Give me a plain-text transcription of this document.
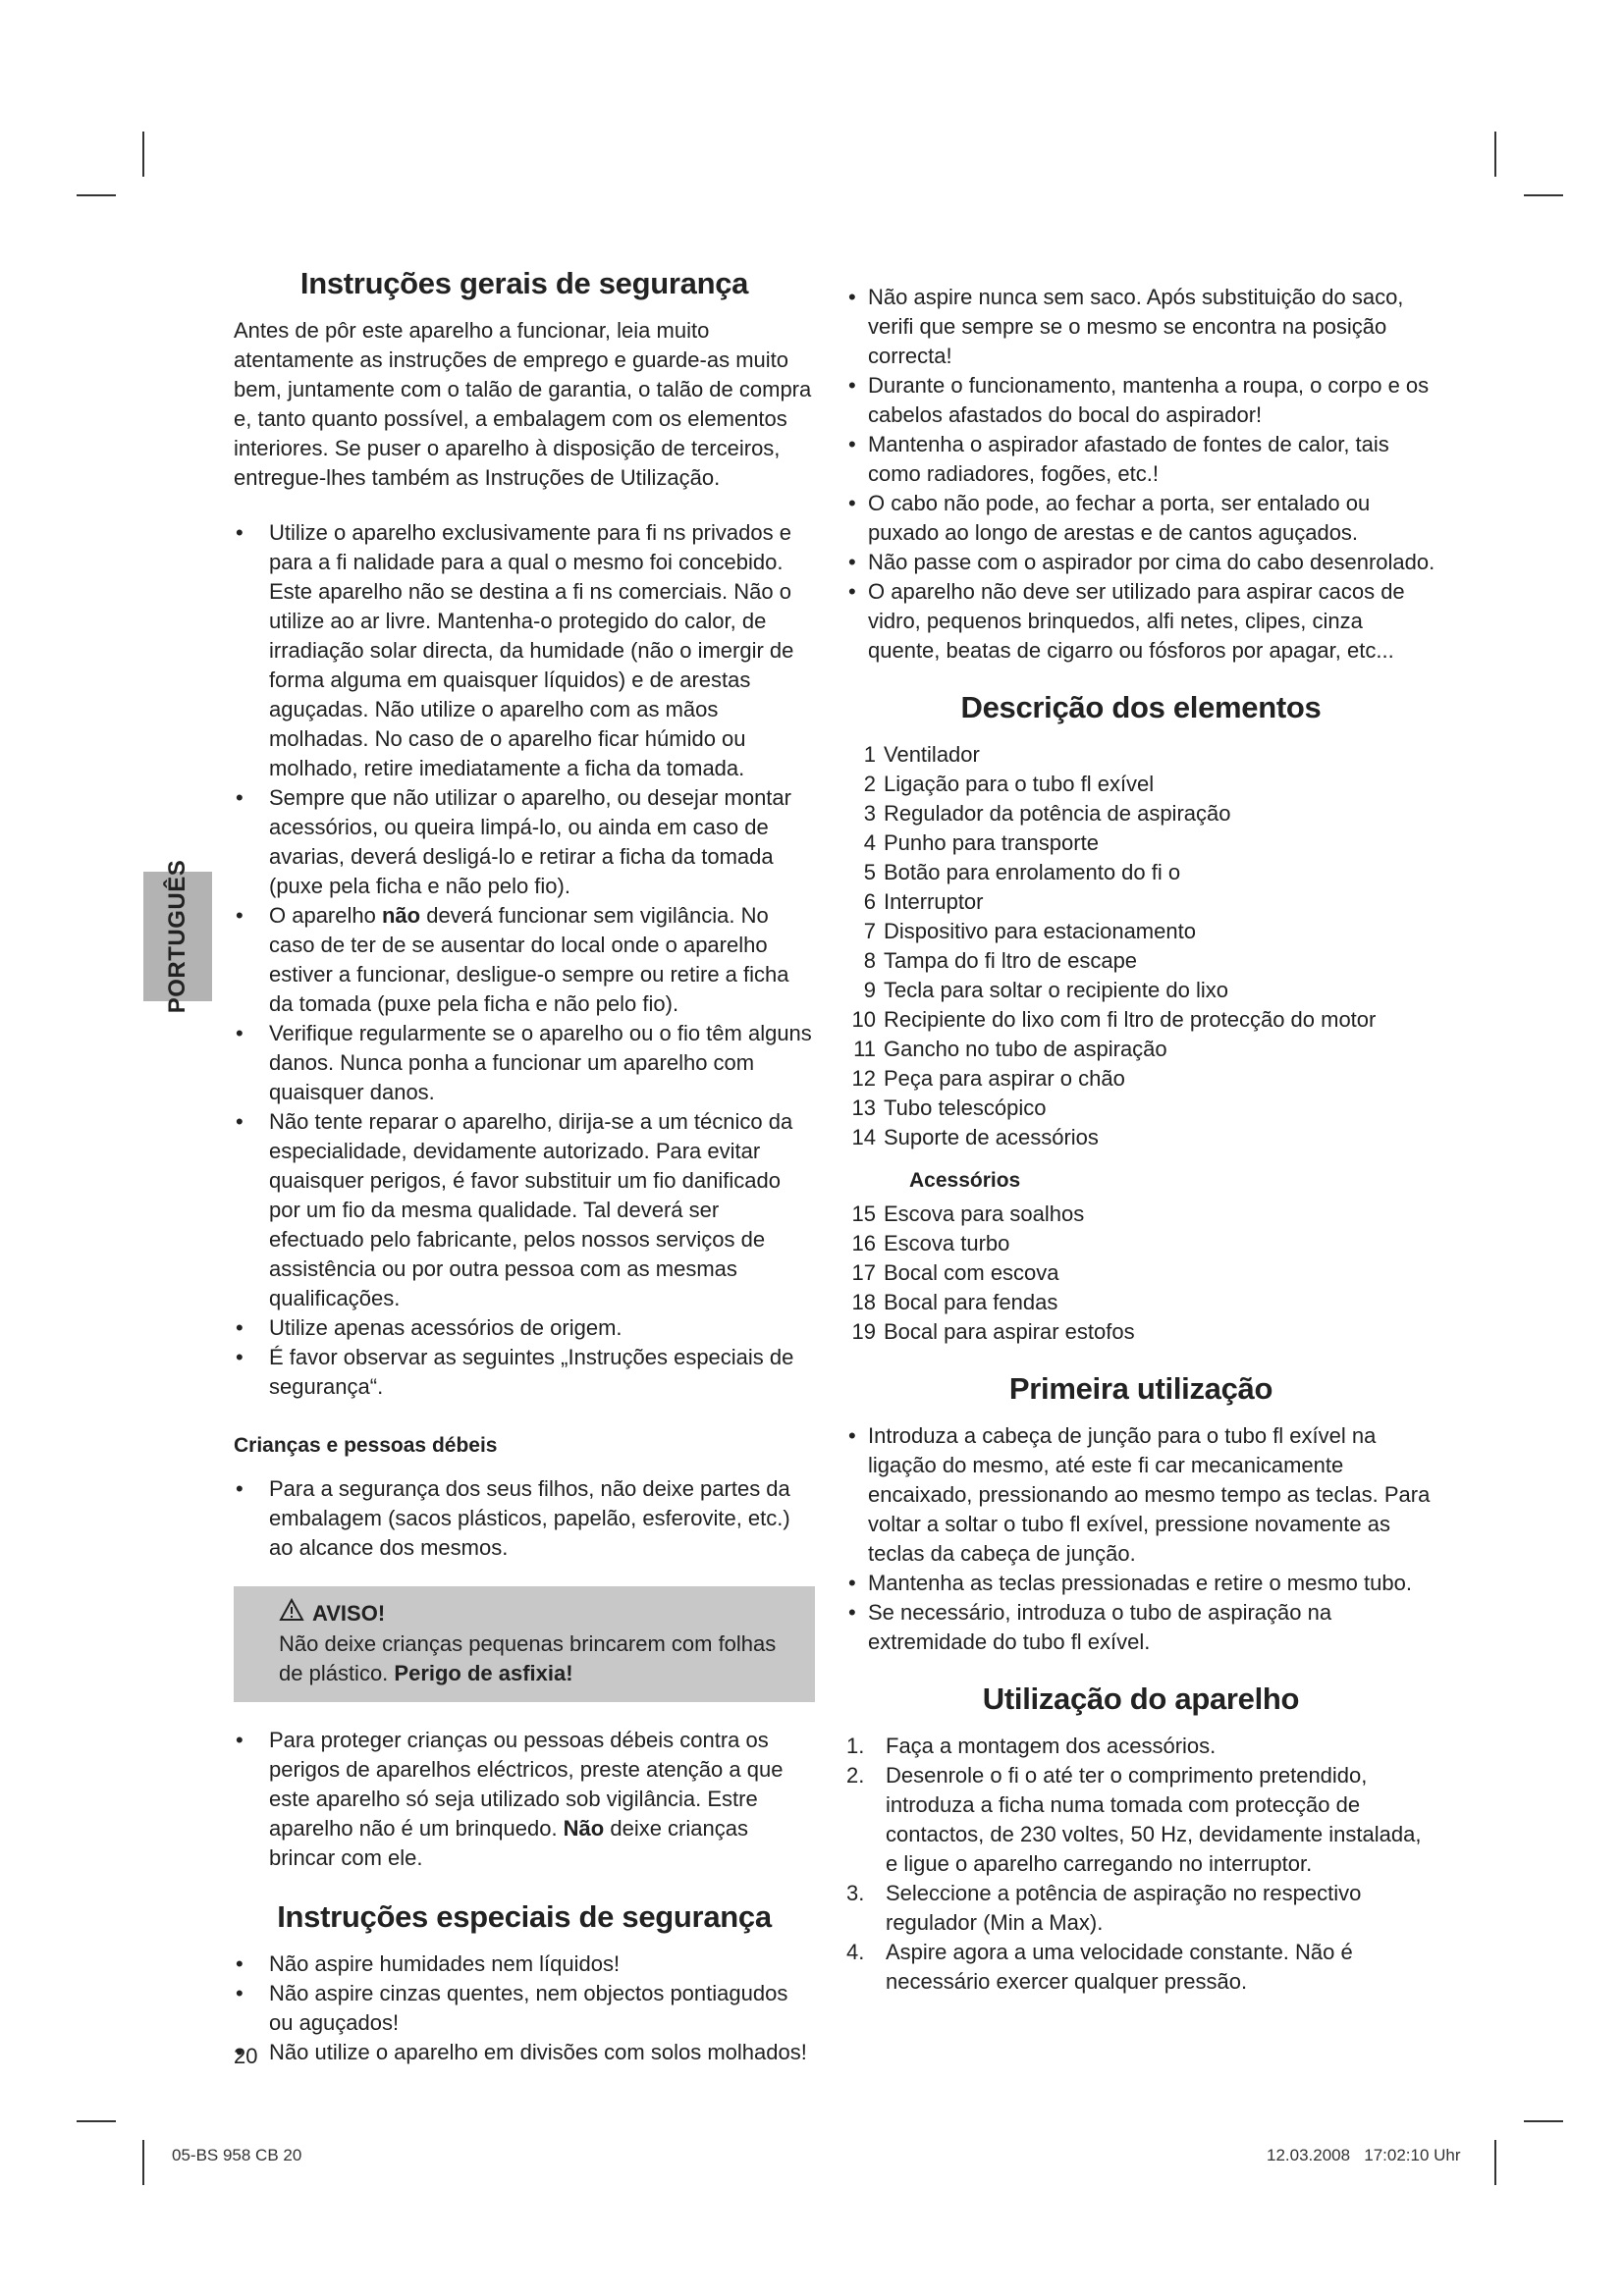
PORTUGUÊS
Instruções gerais de segurança

Antes de pôr este aparelho a funcionar, leia muito atentamente as instruções de emprego e guarde-as muito bem, juntamente com o talão de garantia, o talão de compra e, tanto quanto possível, a embalagem com os elementos interiores. Se puser o aparelho à disposição de terceiros, entregue-lhes também as Instruções de Utilização.

• Utilize o aparelho exclusivamente para fi ns privados e para a fi nalidade para a qual o mesmo foi concebido. Este aparelho não se destina a fi ns comerciais. Não o utilize ao ar livre. Mantenha-o protegido do calor, de irradiação solar directa, da humidade (não o imergir de forma alguma em quaisquer líquidos) e de arestas aguçadas. Não utilize o aparelho com as mãos molhadas. No caso de o aparelho ficar húmido ou molhado, retire imediatamente a ficha da tomada.
• Sempre que não utilizar o aparelho, ou desejar montar acessórios, ou queira limpá-lo, ou ainda em caso de avarias, deverá desligá-lo e retirar a ficha da tomada (puxe pela ficha e não pelo fio).
• O aparelho não deverá funcionar sem vigilância. No caso de ter de se ausentar do local onde o aparelho estiver a funcionar, desligue-o sempre ou retire a ficha da tomada (puxe pela ficha e não pelo fio).
• Verifique regularmente se o aparelho ou o fio têm alguns danos. Nunca ponha a funcionar um aparelho com quaisquer danos.
• Não tente reparar o aparelho, dirija-se a um técnico da especialidade, devidamente autorizado. Para evitar quaisquer perigos, é favor substituir um fio danificado por um fio da mesma qualidade. Tal deverá ser efectuado pelo fabricante, pelos nossos serviços de assistência ou por outra pessoa com as mesmas qualificações.
• Utilize apenas acessórios de origem.
• É favor observar as seguintes „Instruções especiais de segurança“.
Crianças e pessoas débeis
• Para a segurança dos seus filhos, não deixe partes da embalagem (sacos plásticos, papelão, esferovite, etc.) ao alcance dos mesmos.
AVISO!
Não deixe crianças pequenas brincarem com folhas de plástico. Perigo de asfixia!
• Para proteger crianças ou pessoas débeis contra os perigos de aparelhos eléctricos, preste atenção a que este aparelho só seja utilizado sob vigilância. Estre aparelho não é um brinquedo. Não deixe crianças brincar com ele.
Instruções especiais de segurança
• Não aspire humidades nem líquidos!
• Não aspire cinzas quentes, nem objectos pontiagudos ou aguçados!
• Não utilize o aparelho em divisões com solos molhados!
• Não aspire nunca sem saco. Após substituição do saco, verifi que sempre se o mesmo se encontra na posição correcta!
• Durante o funcionamento, mantenha a roupa, o corpo e os cabelos afastados do bocal do aspirador!
• Mantenha o aspirador afastado de fontes de calor, tais como radiadores, fogões, etc.!
• O cabo não pode, ao fechar a porta, ser entalado ou puxado ao longo de arestas e de cantos aguçados.
• Não passe com o aspirador por cima do cabo desenrolado.
• O aparelho não deve ser utilizado para aspirar cacos de vidro, pequenos brinquedos, alfi netes, clipes, cinza quente, beatas de cigarro ou fósforos por apagar, etc...
Descrição dos elementos
1 Ventilador
2 Ligação para o tubo fl exível
3 Regulador da potência de aspiração
4 Punho para transporte
5 Botão para enrolamento do fi o
6 Interruptor
7 Dispositivo para estacionamento
8 Tampa do fi ltro de escape
9 Tecla para soltar o recipiente do lixo
10 Recipiente do lixo com fi ltro de protecção do motor
11 Gancho no tubo de aspiração
12 Peça para aspirar o chão
13 Tubo telescópico
14 Suporte de acessórios
Acessórios
15 Escova para soalhos
16 Escova turbo
17 Bocal com escova
18 Bocal para fendas
19 Bocal para aspirar estofos
Primeira utilização
• Introduza a cabeça de junção para o tubo fl exível na ligação do mesmo, até este fi car mecanicamente encaixado, pressionando ao mesmo tempo as teclas. Para voltar a soltar o tubo fl exível, pressione novamente as teclas da cabeça de junção.
• Mantenha as teclas pressionadas e retire o mesmo tubo.
• Se necessário, introduza o tubo de aspiração na extremidade do tubo fl exível.
Utilização do aparelho
1. Faça a montagem dos acessórios.
2. Desenrole o fi o até ter o comprimento pretendido, introduza a ficha numa tomada com protecção de contactos, de 230 voltes, 50 Hz, devidamente instalada, e ligue o aparelho carregando no interruptor.
3. Seleccione a potência de aspiração no respectivo regulador (Min a Max).
4. Aspire agora a uma velocidade constante. Não é necessário exercer qualquer pressão.
20
05-BS 958 CB 20	12.03.2008   17:02:10 Uhr
